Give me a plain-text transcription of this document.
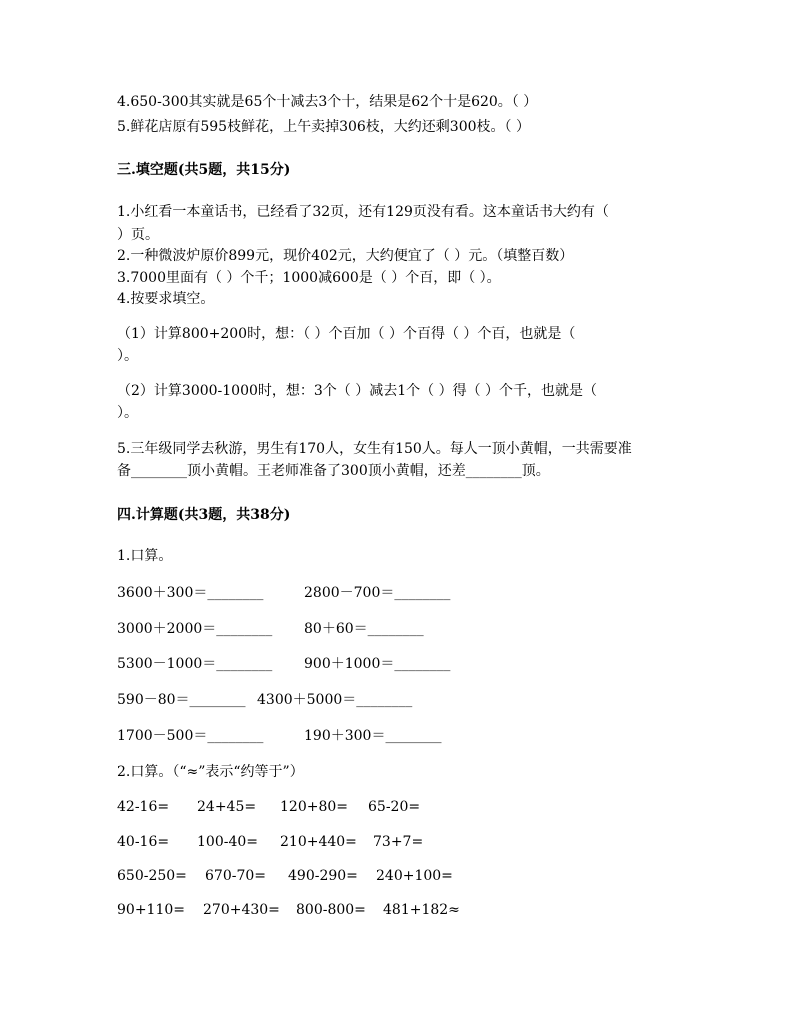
4.650-300其实就是65个十减去3个十，结果是62个十是620。（ ）
5.鲜花店原有595枝鲜花，上午卖掉306枝，大约还剩300枝。（ ）
三.填空题(共5题，共15分)
1.小红看一本童话书，已经看了32页，还有129页没有看。这本童话书大约有（
）页。
2.一种微波炉原价899元，现价402元，大约便宜了（ ）元。（填整百数）
3.7000里面有（ ）个千；1000减600是（ ）个百，即（ ）。
4.按要求填空。
（1）计算800+200时，想：（ ）个百加（ ）个百得（ ）个百，也就是（
）。
（2）计算3000-1000时，想：3个（ ）减去1个（ ）得（ ）个千，也就是（
）。
5.三年级同学去秋游，男生有170人，女生有150人。每人一顶小黄帽，一共需要准
备________顶小黄帽。王老师准备了300顶小黄帽，还差________顶。
四.计算题(共3题，共38分)
1.口算。
3600＋300＝________	2800－700＝________
3000＋2000＝________ 80＋60＝________
5300－1000＝________ 900＋1000＝________
590－80＝________ 4300＋5000＝________
1700－500＝________	190＋300＝________
2.口算。（“≈”表示“约等于”）
42-16= 24+45= 120+80= 65-20=
40-16= 100-40= 210+440= 73+7=
650-250= 670-70= 490-290= 240+100=
90+110= 270+430= 800-800= 481+182≈
